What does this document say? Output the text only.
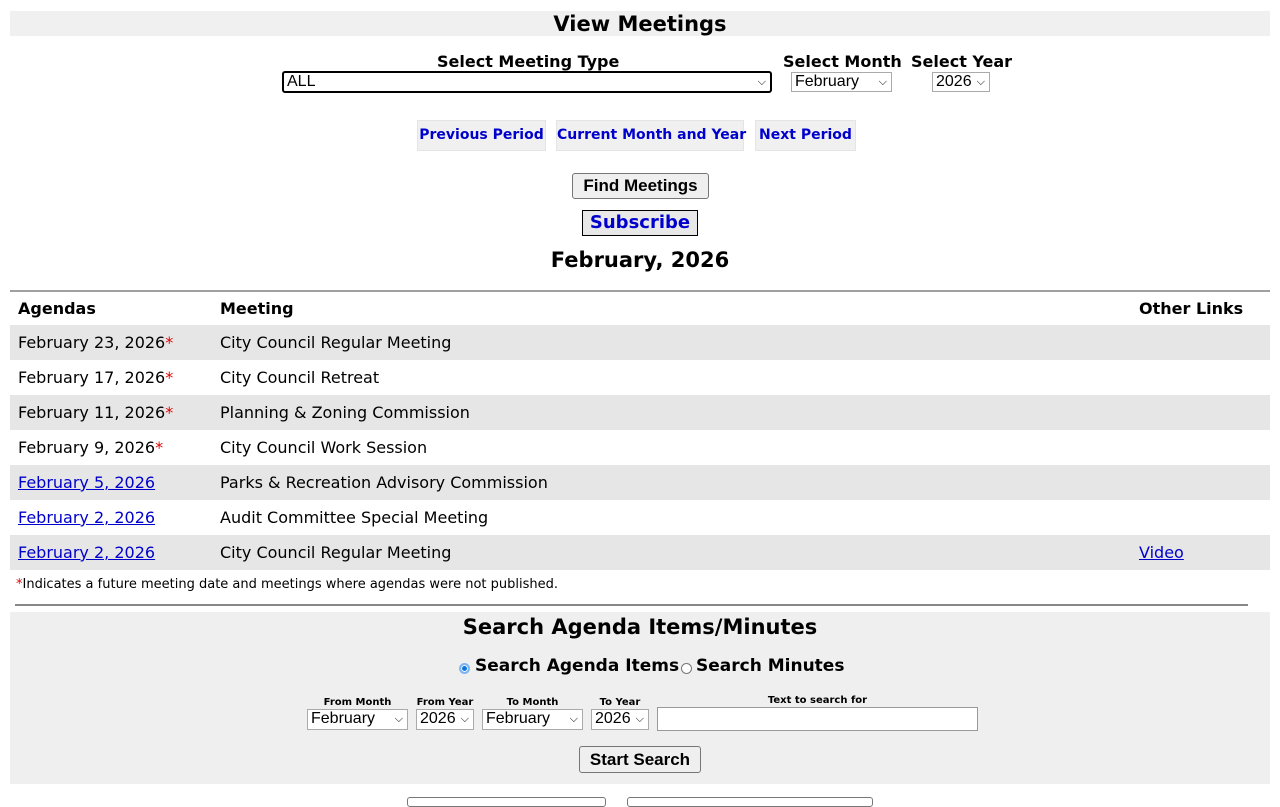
View Meetings
Select Meeting Type
ALL	⌵
Select Month
February ⌵
Select Year
2026 ⌵
Previous Period Current Month and Year Next Period
Find Meetings
Subscribe
February, 2026
Agendas	Meeting	Other Links
February 23, 2026*	City Council Regular Meeting	
February 17, 2026*	City Council Retreat	
February 11, 2026*	Planning & Zoning Commission	
February 9, 2026*	City Council Work Session	
February 5, 2026	Parks & Recreation Advisory Commission	
February 2, 2026	Audit Committee Special Meeting	
February 2, 2026	City Council Regular Meeting	Video
*Indicates a future meeting date and meetings where agendas were not published.
Search Agenda Items/Minutes
Search Agenda Items Search Minutes
From Month
February ⌵
From Year
2026 ⌵
To Month
February ⌵
To Year
2026 ⌵
Text to search for
Start Search
